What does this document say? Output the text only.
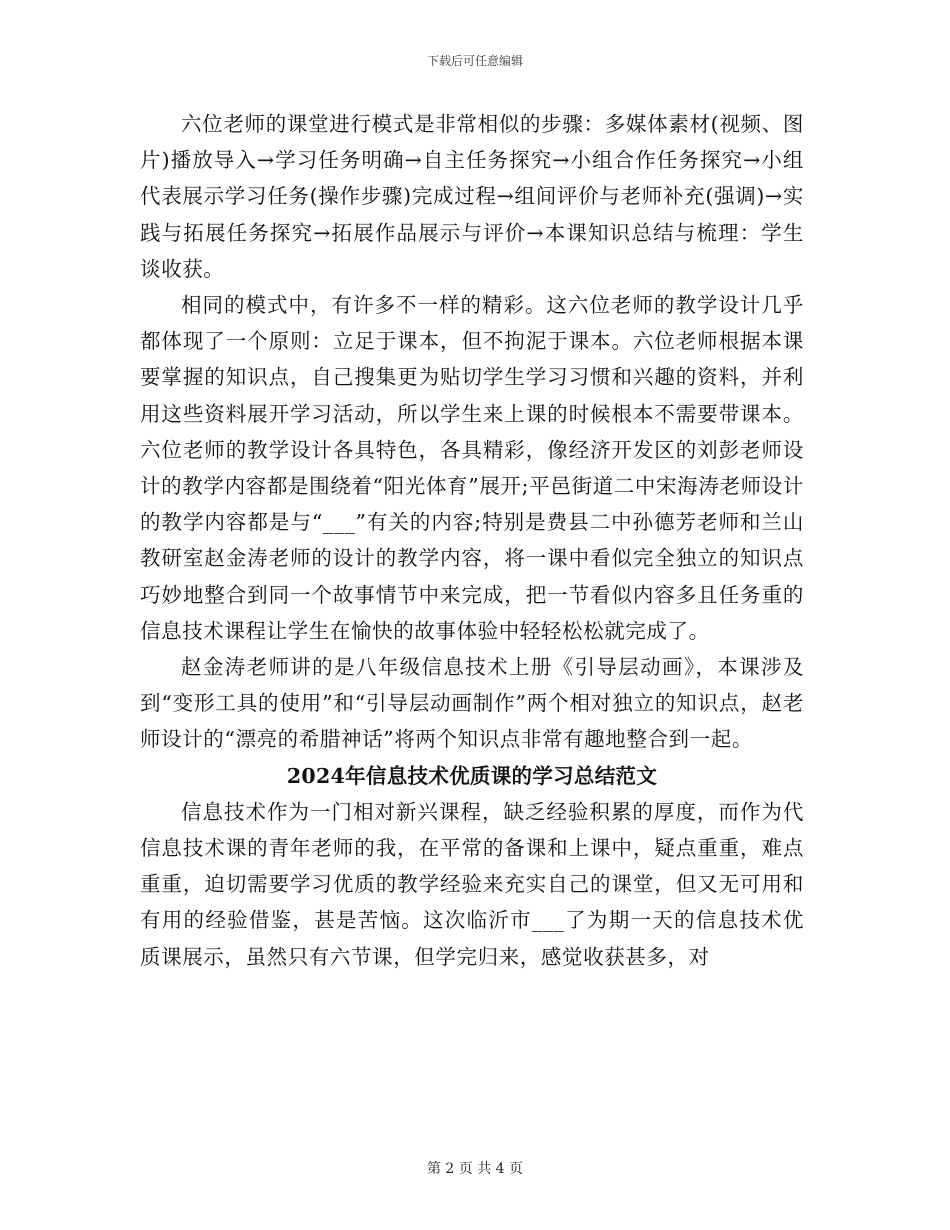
下载后可任意编辑

六位老师的课堂进行模式是非常相似的步骤：多媒体素材(视频、图片)播放导入→学习任务明确→自主任务探究→小组合作任务探究→小组代表展示学习任务(操作步骤)完成过程→组间评价与老师补充(强调)→实践与拓展任务探究→拓展作品展示与评价→本课知识总结与梳理：学生谈收获。

相同的模式中，有许多不一样的精彩。这六位老师的教学设计几乎都体现了一个原则：立足于课本，但不拘泥于课本。六位老师根据本课要掌握的知识点，自己搜集更为贴切学生学习习惯和兴趣的资料，并利用这些资料展开学习活动，所以学生来上课的时候根本不需要带课本。六位老师的教学设计各具特色，各具精彩，像经济开发区的刘彭老师设计的教学内容都是围绕着“阳光体育”展开;平邑街道二中宋海涛老师设计的教学内容都是与“___”有关的内容;特别是费县二中孙德芳老师和兰山教研室赵金涛老师的设计的教学内容，将一课中看似完全独立的知识点巧妙地整合到同一个故事情节中来完成，把一节看似内容多且任务重的信息技术课程让学生在愉快的故事体验中轻轻松松就完成了。

赵金涛老师讲的是八年级信息技术上册《引导层动画》，本课涉及到“变形工具的使用”和“引导层动画制作”两个相对独立的知识点，赵老师设计的“漂亮的希腊神话”将两个知识点非常有趣地整合到一起。

2024年信息技术优质课的学习总结范文

信息技术作为一门相对新兴课程，缺乏经验积累的厚度，而作为代信息技术课的青年老师的我，在平常的备课和上课中，疑点重重，难点重重，迫切需要学习优质的教学经验来充实自己的课堂，但又无可用和有用的经验借鉴，甚是苦恼。这次临沂市___了为期一天的信息技术优质课展示，虽然只有六节课，但学完归来，感觉收获甚多，对

第 2 页 共 4 页
